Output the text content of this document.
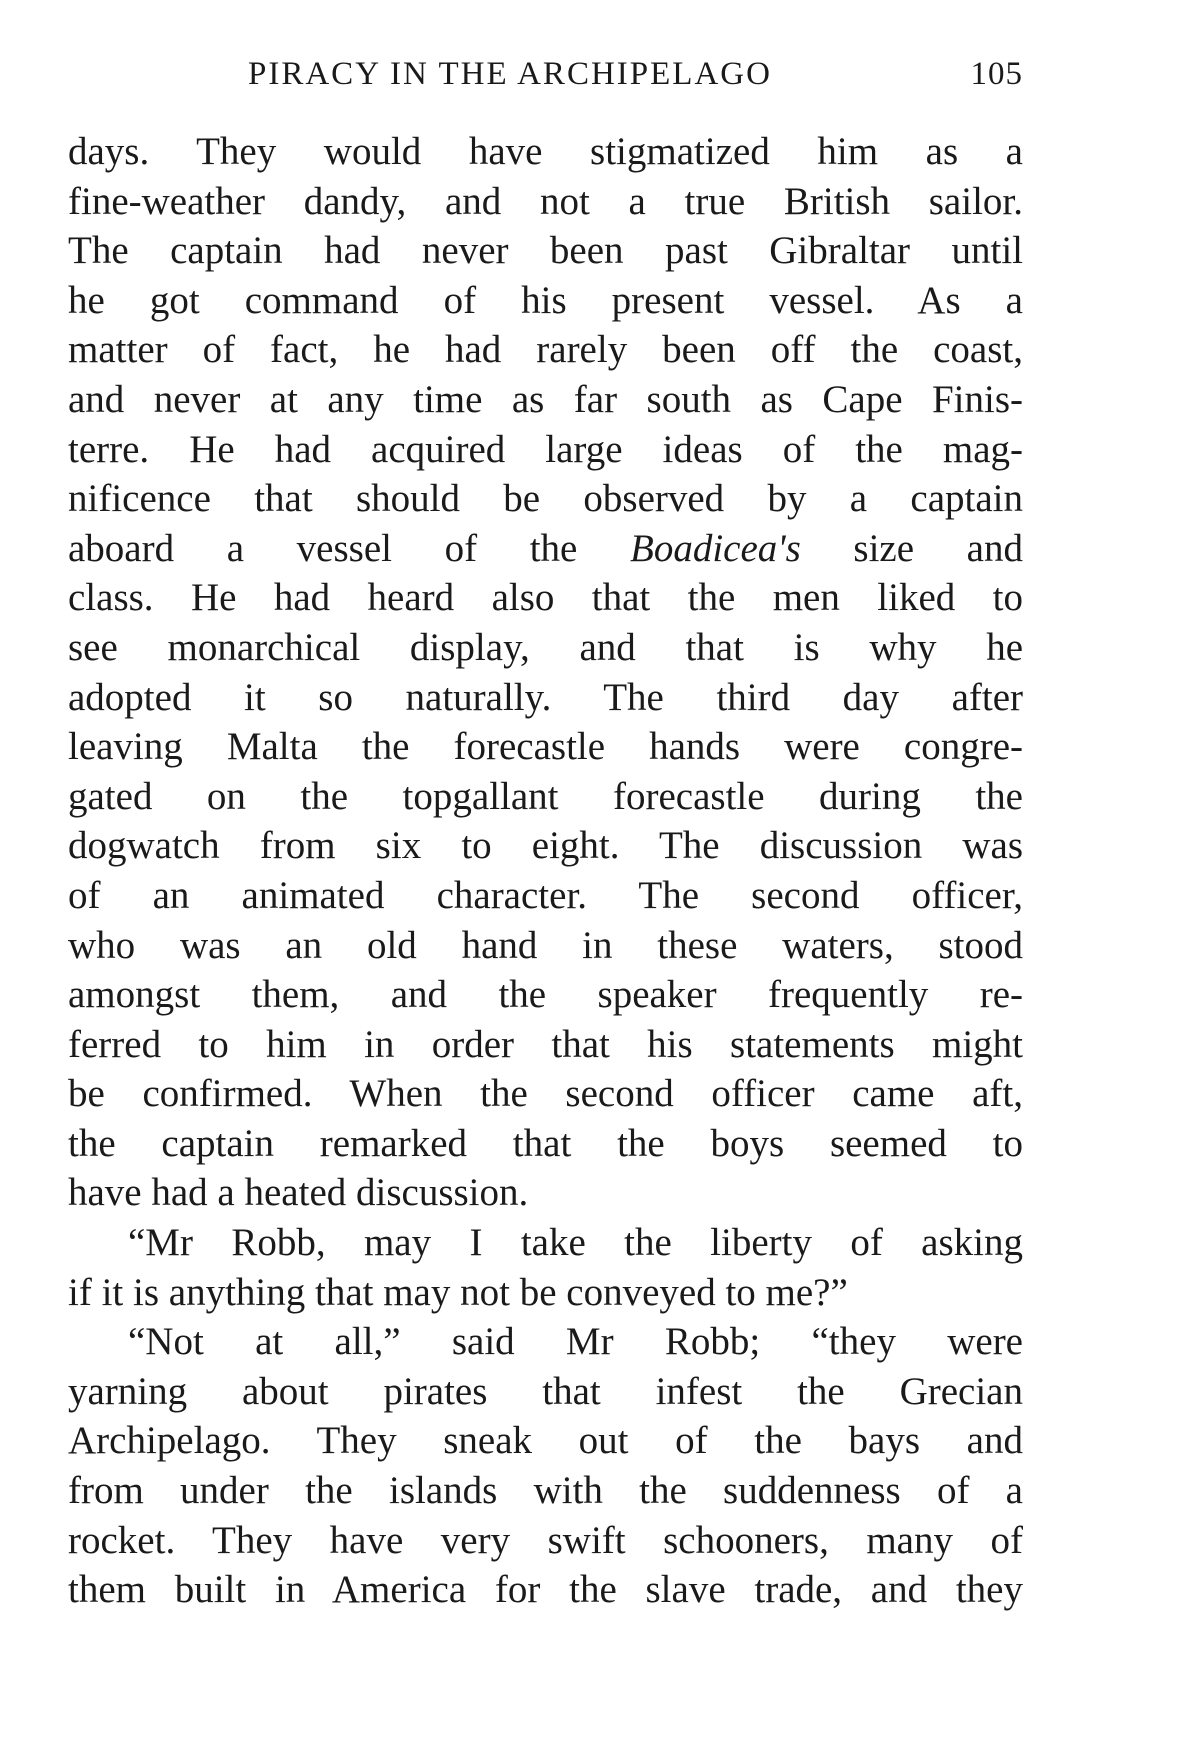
PIRACY IN THE ARCHIPELAGO	105
days. They would have stigmatized him as a
fine-weather dandy, and not a true British sailor.
The captain had never been past Gibraltar until
he got command of his present vessel. As a
matter of fact, he had rarely been off the coast,
and never at any time as far south as Cape Finis-
terre. He had acquired large ideas of the mag-
nificence that should be observed by a captain
aboard a vessel of the Boadicea's size and
class. He had heard also that the men liked to
see monarchical display, and that is why he
adopted it so naturally. The third day after
leaving Malta the forecastle hands were congre-
gated on the topgallant forecastle during the
dogwatch from six to eight. The discussion was
of an animated character. The second officer,
who was an old hand in these waters, stood
amongst them, and the speaker frequently re-
ferred to him in order that his statements might
be confirmed. When the second officer came aft,
the captain remarked that the boys seemed to
have had a heated discussion.
“Mr Robb, may I take the liberty of asking
if it is anything that may not be conveyed to me?”
“Not at all,” said Mr Robb; “they were
yarning about pirates that infest the Grecian
Archipelago. They sneak out of the bays and
from under the islands with the suddenness of a
rocket. They have very swift schooners, many of
them built in America for the slave trade, and they
